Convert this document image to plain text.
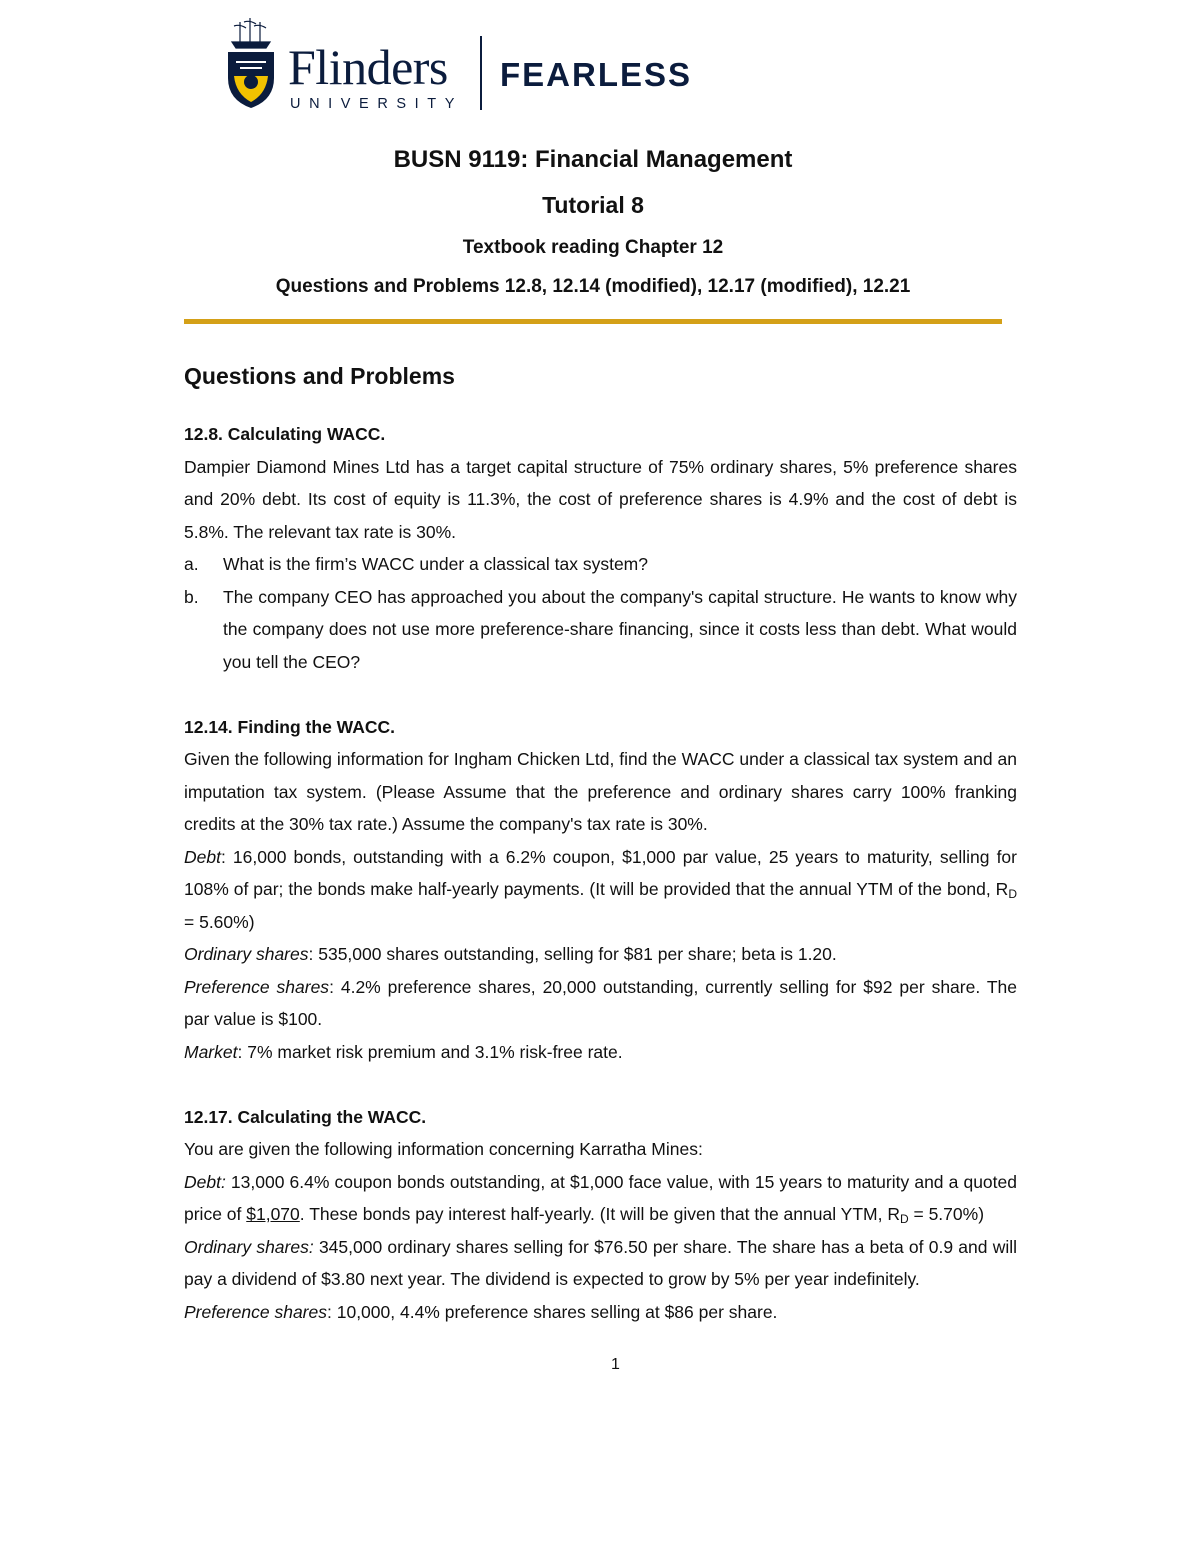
Flinders
UNIVERSITY
FEARLESS
BUSN 9119: Financial Management
Tutorial 8
Textbook reading Chapter 12
Questions and Problems 12.8, 12.14 (modified), 12.17 (modified), 12.21
Questions and Problems

12.8. Calculating WACC.

Dampier Diamond Mines Ltd has a target capital structure of 75% ordinary shares, 5% preference shares and 20% debt. Its cost of equity is 11.3%, the cost of preference shares is 4.9% and the cost of debt is 5.8%. The relevant tax rate is 30%.

a.	What is the firm’s WACC under a classical tax system?
b.	The company CEO has approached you about the company's capital structure. He wants to know why the company does not use more preference-share financing, since it costs less than debt. What would you tell the CEO?

12.14. Finding the WACC.

Given the following information for Ingham Chicken Ltd, find the WACC under a classical tax system and an imputation tax system. (Please Assume that the preference and ordinary shares carry 100% franking credits at the 30% tax rate.) Assume the company's tax rate is 30%.

Debt: 16,000 bonds, outstanding with a 6.2% coupon, $1,000 par value, 25 years to maturity, selling for 108% of par; the bonds make half-yearly payments. (It will be provided that the annual YTM of the bond, $R_D = 5.60\%$)

Ordinary shares: 535,000 shares outstanding, selling for $81 per share; beta is 1.20.

Preference shares: 4.2% preference shares, 20,000 outstanding, currently selling for $92 per share. The par value is $100.

Market: 7% market risk premium and 3.1% risk-free rate.

12.17. Calculating the WACC.

You are given the following information concerning Karratha Mines:

Debt: 13,000 6.4% coupon bonds outstanding, at $1,000 face value, with 15 years to maturity and a quoted price of $1,070. These bonds pay interest half-yearly. (It will be given that the annual YTM, $R_D = 5.70\%$)

Ordinary shares: 345,000 ordinary shares selling for $76.50 per share. The share has a beta of 0.9 and will pay a dividend of $3.80 next year. The dividend is expected to grow by 5% per year indefinitely.

Preference shares: 10,000, 4.4% preference shares selling at $86 per share.

1
